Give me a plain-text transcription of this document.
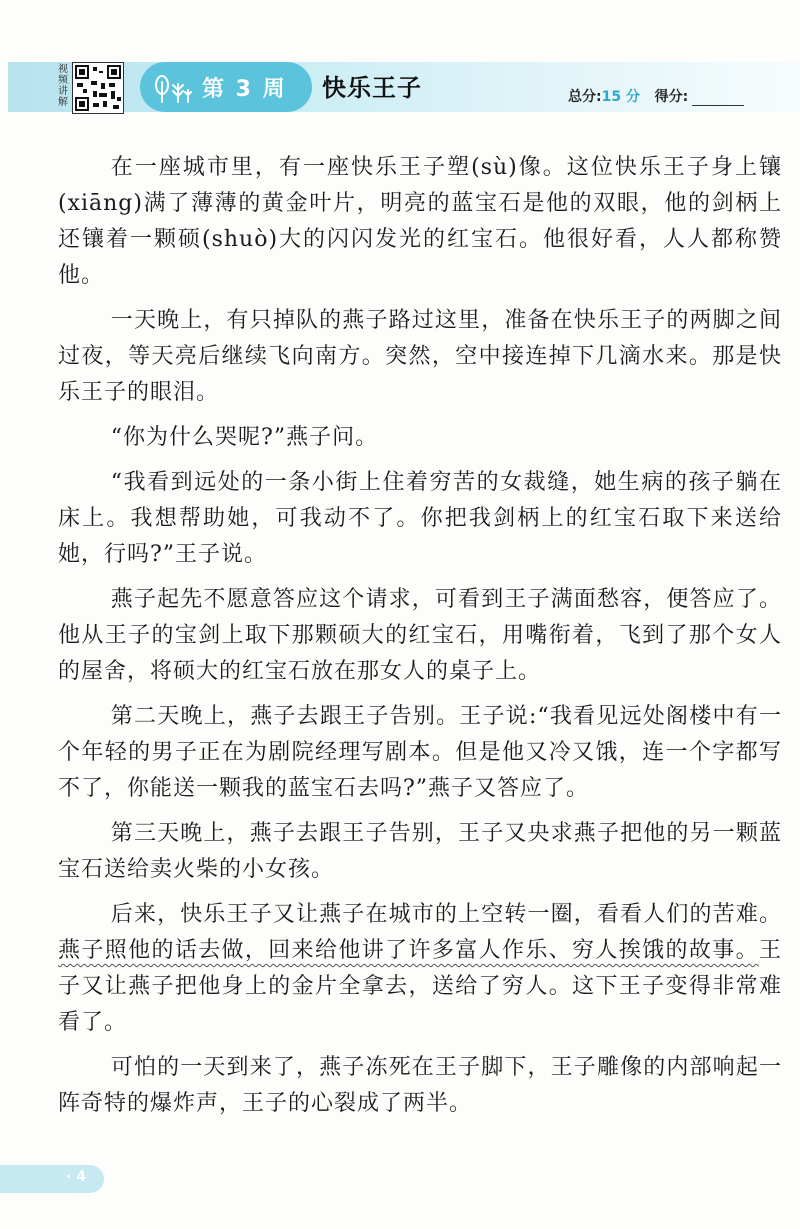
视频讲解
第 3 周 快乐王子	总分:15 分 得分:

在一座城市里，有一座快乐王子塑(sù)像。这位快乐王子身上镶(xiāng)满了薄薄的黄金叶片，明亮的蓝宝石是他的双眼，他的剑柄上还镶着一颗硕(shuò)大的闪闪发光的红宝石。他很好看，人人都称赞他。

一天晚上，有只掉队的燕子路过这里，准备在快乐王子的两脚之间过夜，等天亮后继续飞向南方。突然，空中接连掉下几滴水来。那是快乐王子的眼泪。

“你为什么哭呢?”燕子问。

“我看到远处的一条小街上住着穷苦的女裁缝，她生病的孩子躺在床上。我想帮助她，可我动不了。你把我剑柄上的红宝石取下来送给她，行吗?”王子说。

燕子起先不愿意答应这个请求，可看到王子满面愁容，便答应了。他从王子的宝剑上取下那颗硕大的红宝石，用嘴衔着，飞到了那个女人的屋舍，将硕大的红宝石放在那女人的桌子上。

第二天晚上，燕子去跟王子告别。王子说:“我看见远处阁楼中有一个年轻的男子正在为剧院经理写剧本。但是他又冷又饿，连一个字都写不了，你能送一颗我的蓝宝石去吗?”燕子又答应了。

第三天晚上，燕子去跟王子告别，王子又央求燕子把他的另一颗蓝宝石送给卖火柴的小女孩。

后来，快乐王子又让燕子在城市的上空转一圈，看看人们的苦难。燕子照他的话去做，回来给他讲了许多富人作乐、穷人挨饿的故事。王子又让燕子把他身上的金片全拿去，送给了穷人。这下王子变得非常难看了。

可怕的一天到来了，燕子冻死在王子脚下，王子雕像的内部响起一阵奇特的爆炸声，王子的心裂成了两半。

· 4
